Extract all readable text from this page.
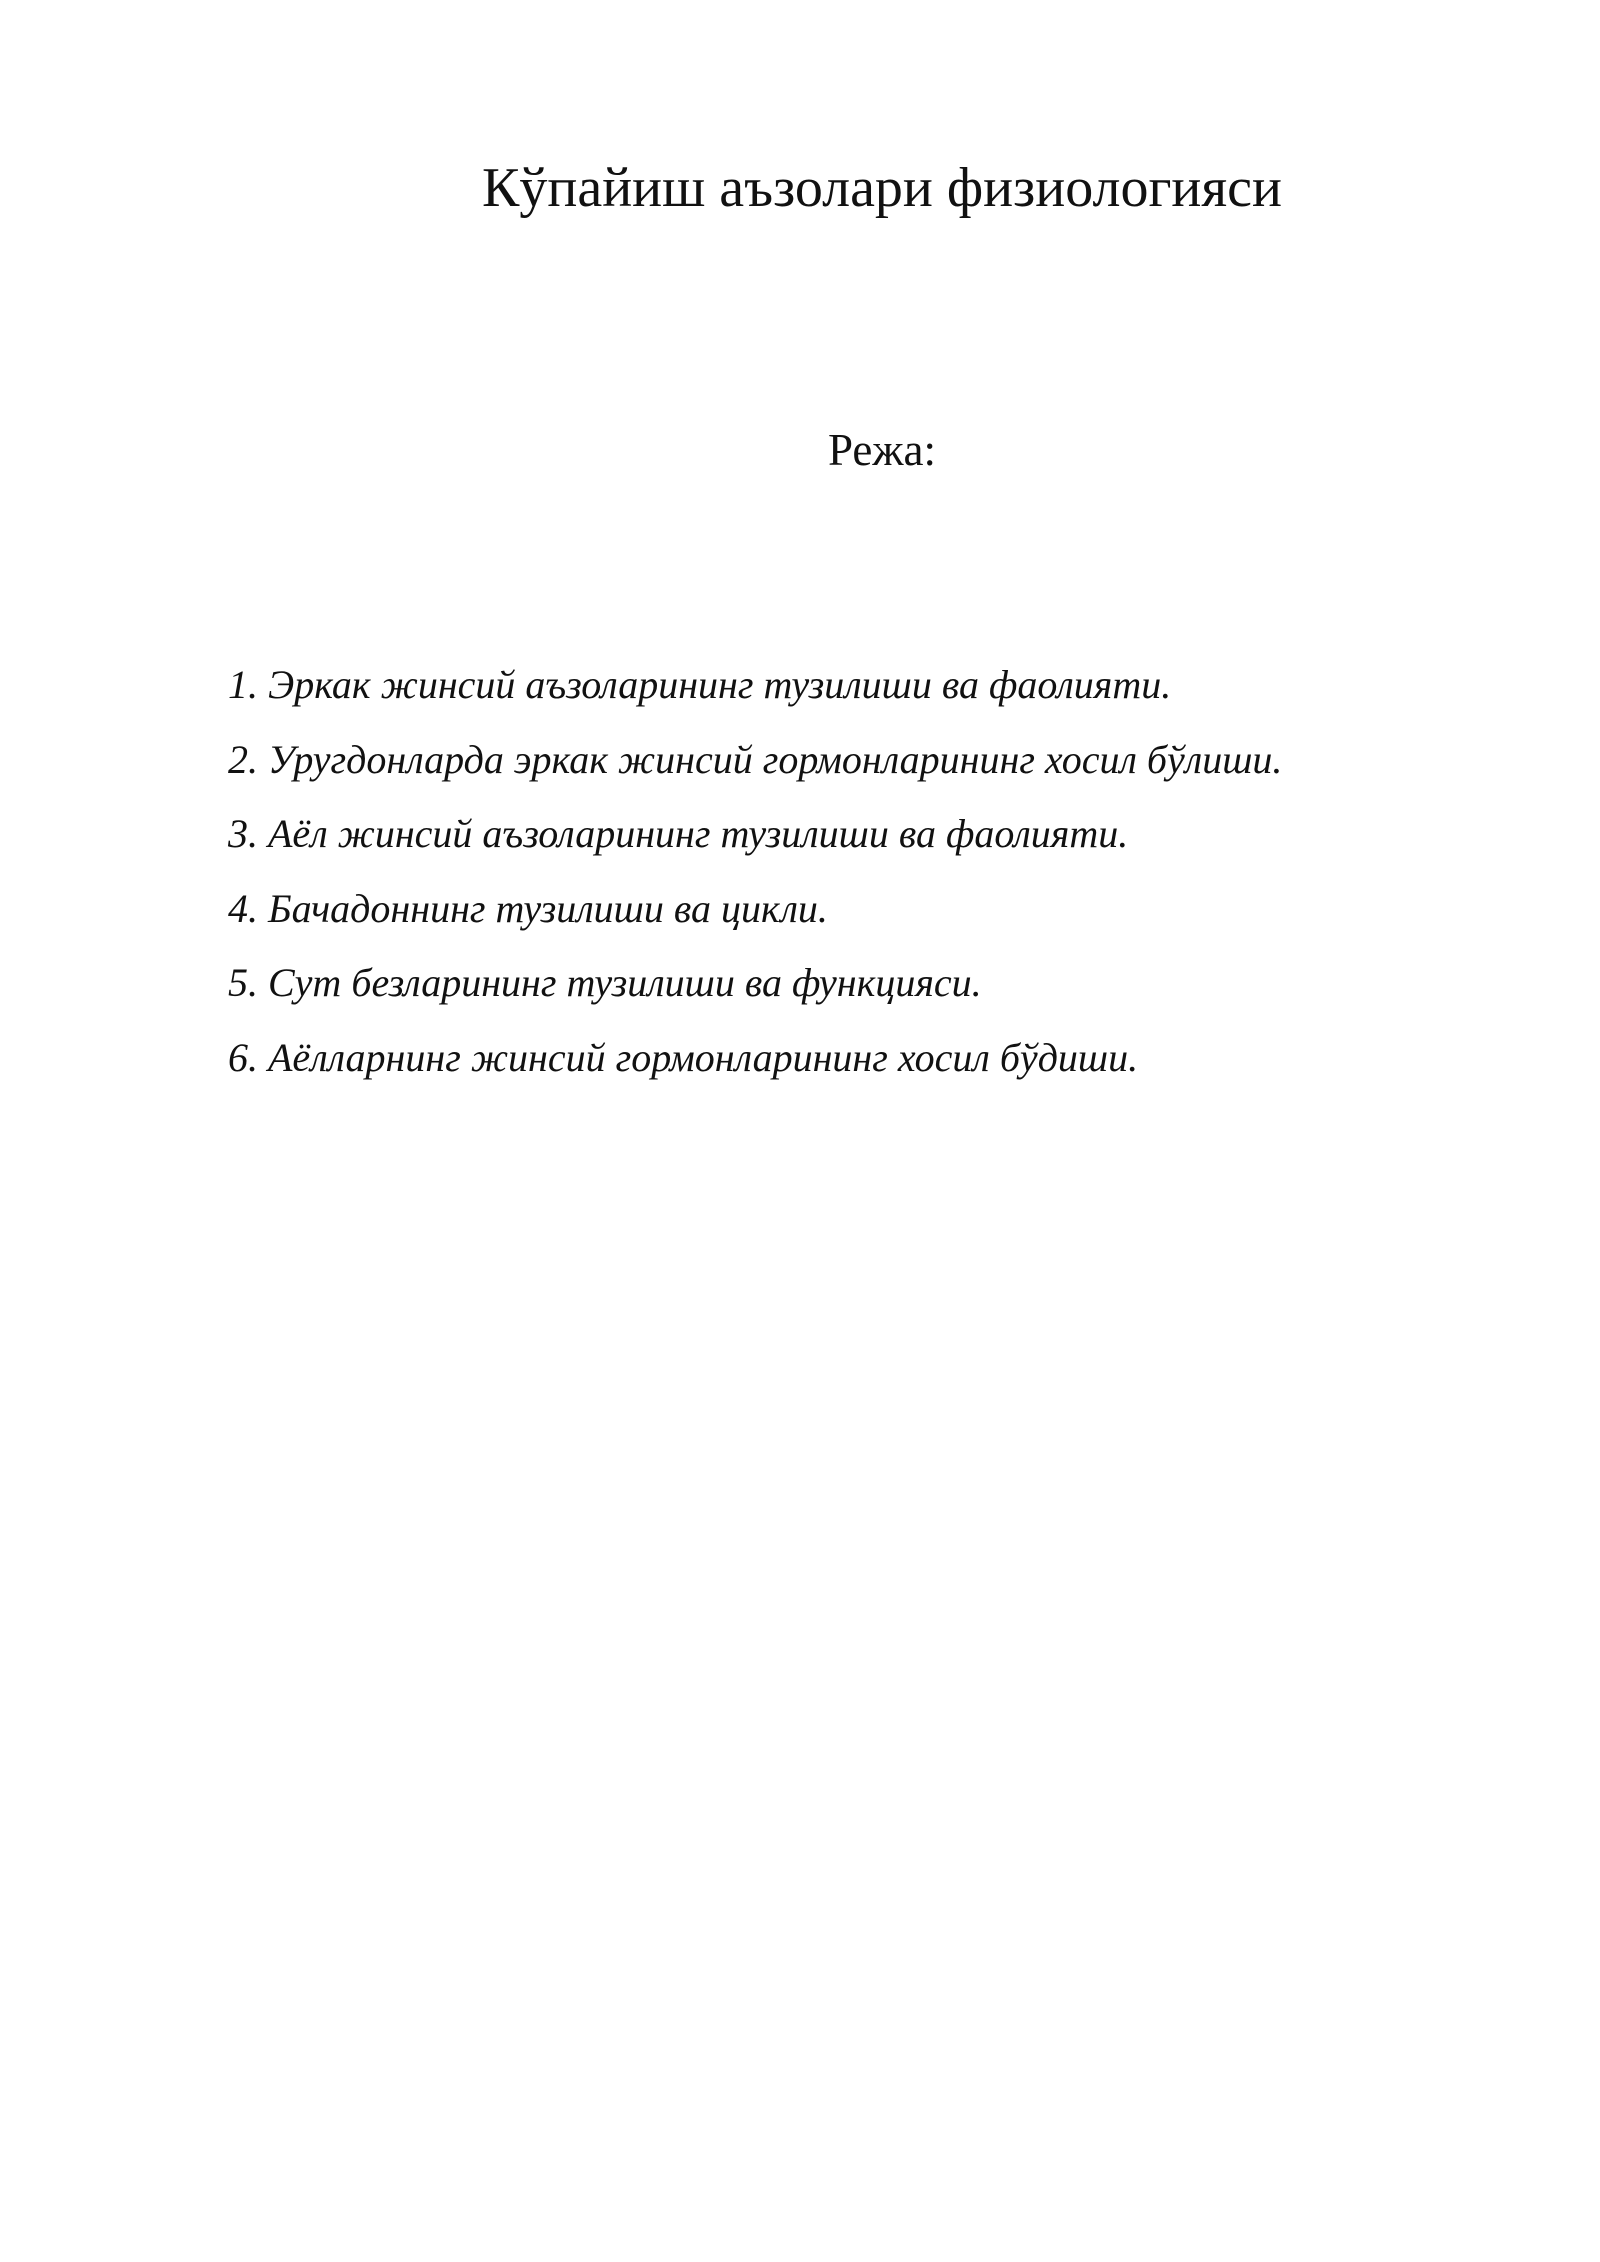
Кўпайиш аъзолари физиологияси
Режа:
1. Эркак жинсий аъзоларининг тузилиши ва фаолияти.
2. Уругдонларда эркак жинсий гормонларининг хосил бўлиши.
3. Аёл жинсий аъзоларининг тузилиши ва фаолияти.
4. Бачадоннинг тузилиши ва цикли.
5. Сут безларининг тузилиши ва функцияси.
6. Аёлларнинг жинсий гормонларининг хосил бўдиши.
